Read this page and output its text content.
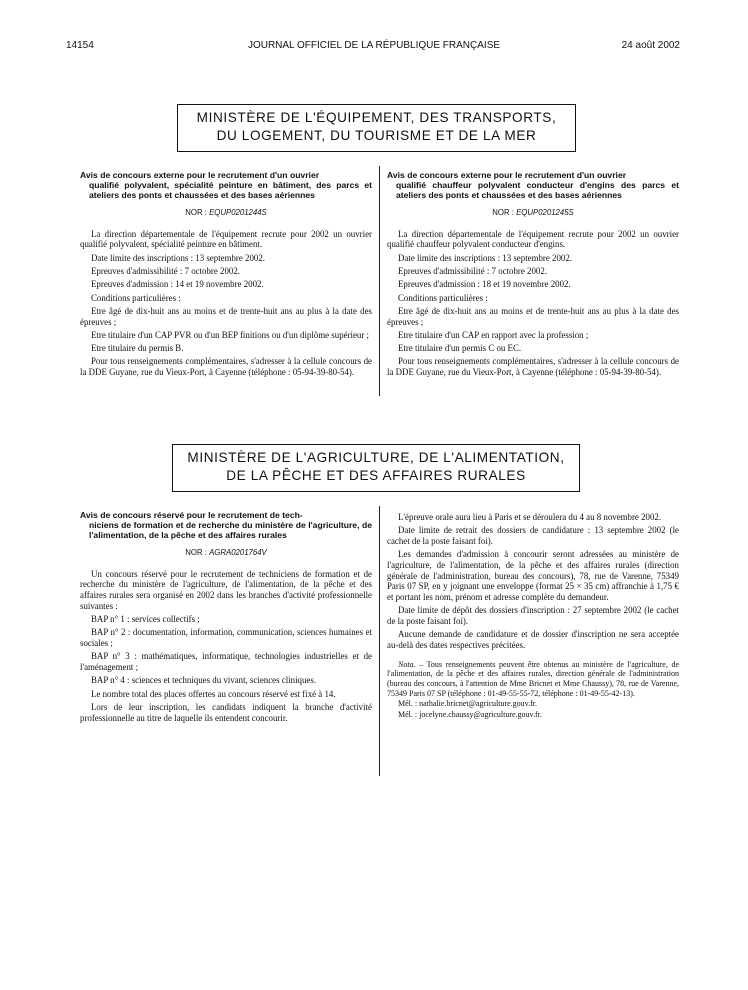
14154	JOURNAL OFFICIEL DE LA RÉPUBLIQUE FRANÇAISE	24 août 2002
MINISTÈRE DE L'ÉQUIPEMENT, DES TRANSPORTS,
DU LOGEMENT, DU TOURISME ET DE LA MER
Avis de concours externe pour le recrutement d'un ouvrier
qualifié polyvalent, spécialité peinture en bâtiment, des parcs et ateliers des ponts et chaussées et des bases aériennes
NOR : EQUP0201244S

La direction départementale de l'équipement recrute pour 2002 un ouvrier qualifié polyvalent, spécialité peinture en bâtiment.

Date limite des inscriptions : 13 septembre 2002.

Epreuves d'admissibilité : 7 octobre 2002.

Epreuves d'admission : 14 et 19 novembre 2002.

Conditions particulières :

Etre âgé de dix-huit ans au moins et de trente-huit ans au plus à la date des épreuves ;

Etre titulaire d'un CAP PVR ou d'un BEP finitions ou d'un diplôme supérieur ;

Etre titulaire du permis B.

Pour tous renseignements complémentaires, s'adresser à la cellule concours de la DDE Guyane, rue du Vieux-Port, à Cayenne (téléphone : 05-94-39-80-54).

Avis de concours externe pour le recrutement d'un ouvrier
qualifié chauffeur polyvalent conducteur d'engins des parcs et ateliers des ponts et chaussées et des bases aériennes
NOR : EQUP0201245S

La direction départementale de l'équipement recrute pour 2002 un ouvrier qualifié chauffeur polyvalent conducteur d'engins.

Date limite des inscriptions : 13 septembre 2002.

Epreuves d'admissibilité : 7 octobre 2002.

Epreuves d'admission : 18 et 19 novembre 2002.

Conditions particulières :

Etre âgé de dix-huit ans au moins et de trente-huit ans au plus à la date des épreuves ;

Etre titulaire d'un CAP en rapport avec la profession ;

Etre titulaire d'un permis C ou EC.

Pour tous renseignements complémentaires, s'adresser à la cellule concours de la DDE Guyane, rue du Vieux-Port, à Cayenne (téléphone : 05-94-39-80-54).

MINISTÈRE DE L'AGRICULTURE, DE L'ALIMENTATION,
DE LA PÊCHE ET DES AFFAIRES RURALES
Avis de concours réservé pour le recrutement de tech-
niciens de formation et de recherche du ministère de l'agriculture, de l'alimentation, de la pêche et des affaires rurales
NOR : AGRA0201764V

Un concours réservé pour le recrutement de techniciens de formation et de recherche du ministère de l'agriculture, de l'alimentation, de la pêche et des affaires rurales sera organisé en 2002 dans les branches d'activité professionnelle suivantes :

BAP n° 1 : services collectifs ;

BAP n° 2 : documentation, information, communication, sciences humaines et sociales ;

BAP n° 3 : mathématiques, informatique, technologies industrielles et de l'aménagement ;

BAP n° 4 : sciences et techniques du vivant, sciences cliniques.

Le nombre total des places offertes au concours réservé est fixé à 14.

Lors de leur inscription, les candidats indiquent la branche d'activité professionnelle au titre de laquelle ils entendent concourir.

L'épreuve orale aura lieu à Paris et se déroulera du 4 au 8 novembre 2002.

Date limite de retrait des dossiers de candidature : 13 septembre 2002 (le cachet de la poste faisant foi).

Les demandes d'admission à concourir seront adressées au ministère de l'agriculture, de l'alimentation, de la pêche et des affaires rurales (direction générale de l'administration, bureau des concours), 78, rue de Varenne, 75349 Paris 07 SP, en y joignant une enveloppe (format 25 × 35 cm) affranchie à 1,75 € et portant les nom, prénom et adresse complète du demandeur.

Date limite de dépôt des dossiers d'inscription : 27 septembre 2002 (le cachet de la poste faisant foi).

Aucune demande de candidature et de dossier d'inscription ne sera acceptée au-delà des dates respectives précitées.

Nota. – Tous renseignements peuvent être obtenus au ministère de l'agriculture, de l'alimentation, de la pêche et des affaires rurales, direction générale de l'administration (bureau des concours, à l'attention de Mme Bricnet et Mme Chaussy), 78, rue de Varenne, 75349 Paris 07 SP (téléphone : 01-49-55-55-72, téléphone : 01-49-55-42-13).

Mél. : nathalie.bricnet@agriculture.gouv.fr.

Mél. : jocelyne.chaussy@agriculture.gouv.fr.
